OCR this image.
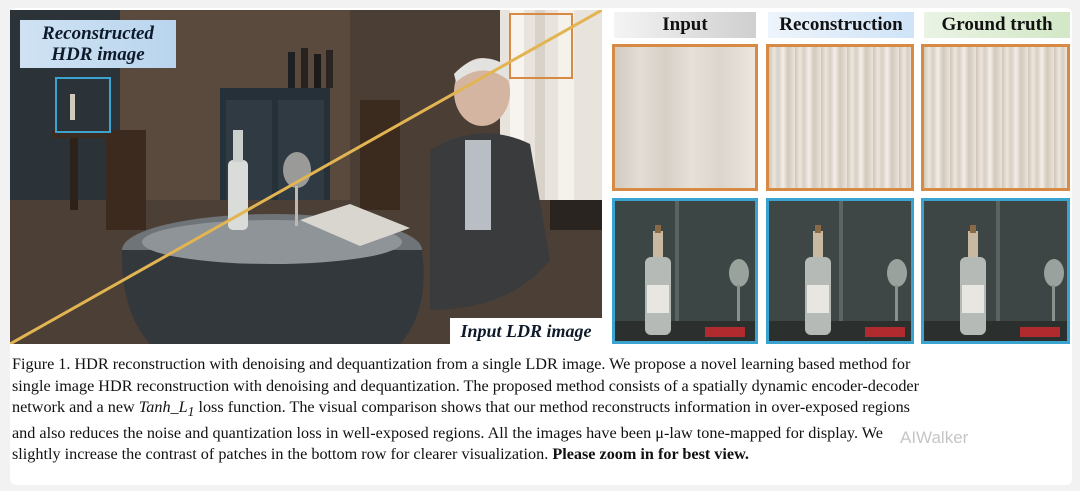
Reconstructed
HDR image
Input LDR image
Input	Reconstruction	Ground truth
Figure 1. HDR reconstruction with denoising and dequantization from a single LDR image. We propose a novel learning based method for
single image HDR reconstruction with denoising and dequantization. The proposed method consists of a spatially dynamic encoder-decoder
network and a new $Tanh\_L_1$ loss function. The visual comparison shows that our method reconstructs information in over-exposed regions
and also reduces the noise and quantization loss in well-exposed regions. All the images have been μ-law tone-mapped for display. We
slightly increase the contrast of patches in the bottom row for clearer visualization. Please zoom in for best view.
AIWalker
